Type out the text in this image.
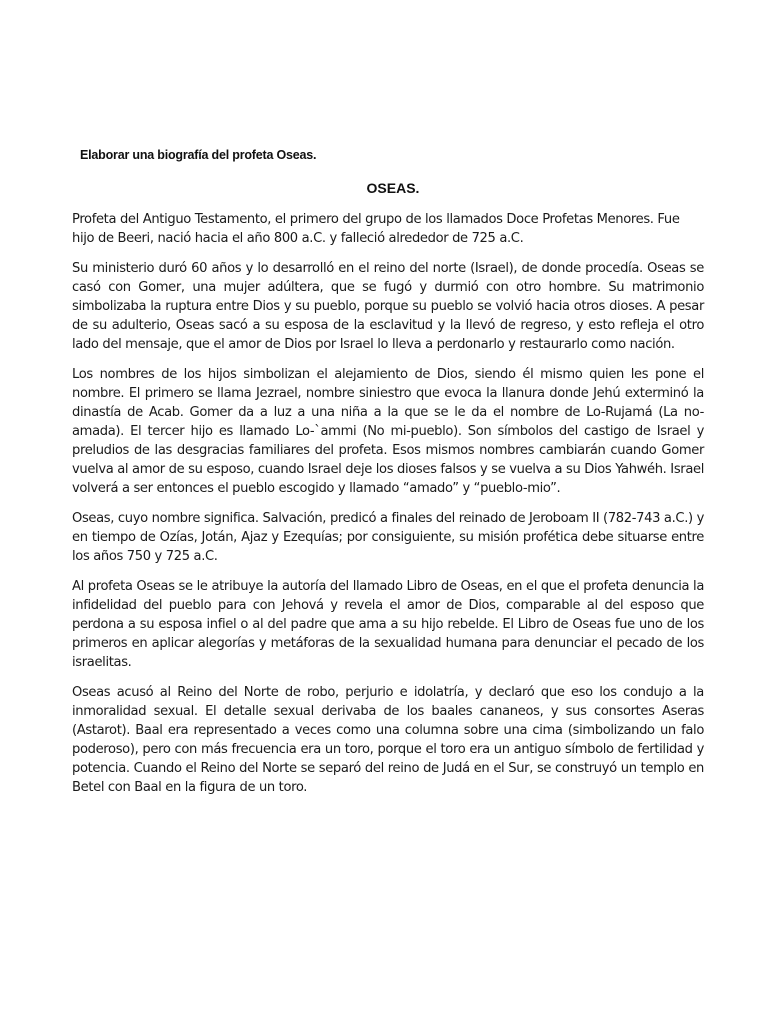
Elaborar una biografía del profeta Oseas.

OSEAS.

Profeta del Antiguo Testamento, el primero del grupo de los llamados Doce Profetas Menores. Fue hijo de Beeri, nació hacia el año 800 a.C. y falleció alrededor de 725 a.C.

Su ministerio duró 60 años y lo desarrolló en el reino del norte (Israel), de donde procedía. Oseas se casó con Gomer, una mujer adúltera, que se fugó y durmió con otro hombre. Su matrimonio simbolizaba la ruptura entre Dios y su pueblo, porque su pueblo se volvió hacia otros dioses. A pesar de su adulterio, Oseas sacó a su esposa de la esclavitud y la llevó de regreso, y esto refleja el otro lado del mensaje, que el amor de Dios por Israel lo lleva a perdonarlo y restaurarlo como nación.

Los nombres de los hijos simbolizan el alejamiento de Dios, siendo él mismo quien les pone el nombre. El primero se llama Jezrael, nombre siniestro que evoca la llanura donde Jehú exterminó la dinastía de Acab. Gomer da a luz a una niña a la que se le da el nombre de Lo-Rujamá (La no-amada). El tercer hijo es llamado Lo-`ammi (No mi-pueblo). Son símbolos del castigo de Israel y preludios de las desgracias familiares del profeta. Esos mismos nombres cambiarán cuando Gomer vuelva al amor de su esposo, cuando Israel deje los dioses falsos y se vuelva a su Dios Yahwéh. Israel volverá a ser entonces el pueblo escogido y llamado “amado” y “pueblo-mio”.

Oseas, cuyo nombre significa. Salvación, predicó a finales del reinado de Jeroboam II (782-743 a.C.) y en tiempo de Ozías, Jotán, Ajaz y Ezequías; por consiguiente, su misión profética debe situarse entre los años 750 y 725 a.C.

Al profeta Oseas se le atribuye la autoría del llamado Libro de Oseas, en el que el profeta denuncia la infidelidad del pueblo para con Jehová y revela el amor de Dios, comparable al del esposo que perdona a su esposa infiel o al del padre que ama a su hijo rebelde. El Libro de Oseas fue uno de los primeros en aplicar alegorías y metáforas de la sexualidad humana para denunciar el pecado de los israelitas.

Oseas acusó al Reino del Norte de robo, perjurio e idolatría, y declaró que eso los condujo a la inmoralidad sexual. El detalle sexual derivaba de los baales cananeos, y sus consortes Aseras (Astarot). Baal era representado a veces como una columna sobre una cima (simbolizando un falo poderoso), pero con más frecuencia era un toro, porque el toro era un antiguo símbolo de fertilidad y potencia. Cuando el Reino del Norte se separó del reino de Judá en el Sur, se construyó un templo en Betel con Baal en la figura de un toro.
